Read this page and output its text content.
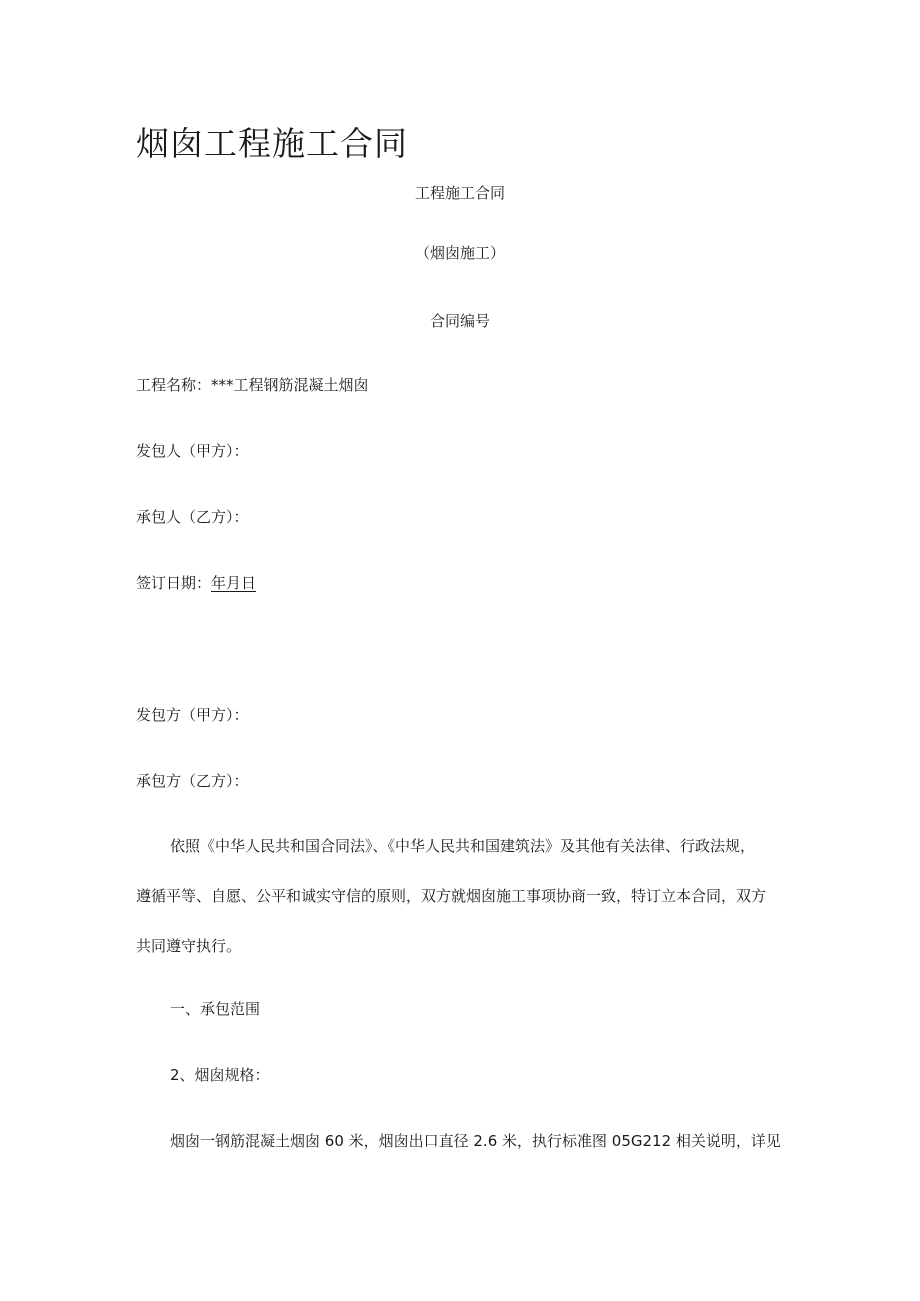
烟囱工程施工合同
工程施工合同
（烟囱施工）
合同编号
工程名称：***工程钢筋混凝土烟囱
发包人（甲方）：
承包人（乙方）：
签订日期：年月日
发包方（甲方）：
承包方（乙方）：
依照《中华人民共和国合同法》、《中华人民共和国建筑法》及其他有关法律、行政法规，
遵循平等、自愿、公平和诚实守信的原则，双方就烟囱施工事项协商一致，特订立本合同，双方
共同遵守执行。
一、承包范围
2、烟囱规格：
烟囱一钢筋混凝土烟囱 60 米，烟囱出口直径 2.6 米，执行标准图 05G212 相关说明，详见
